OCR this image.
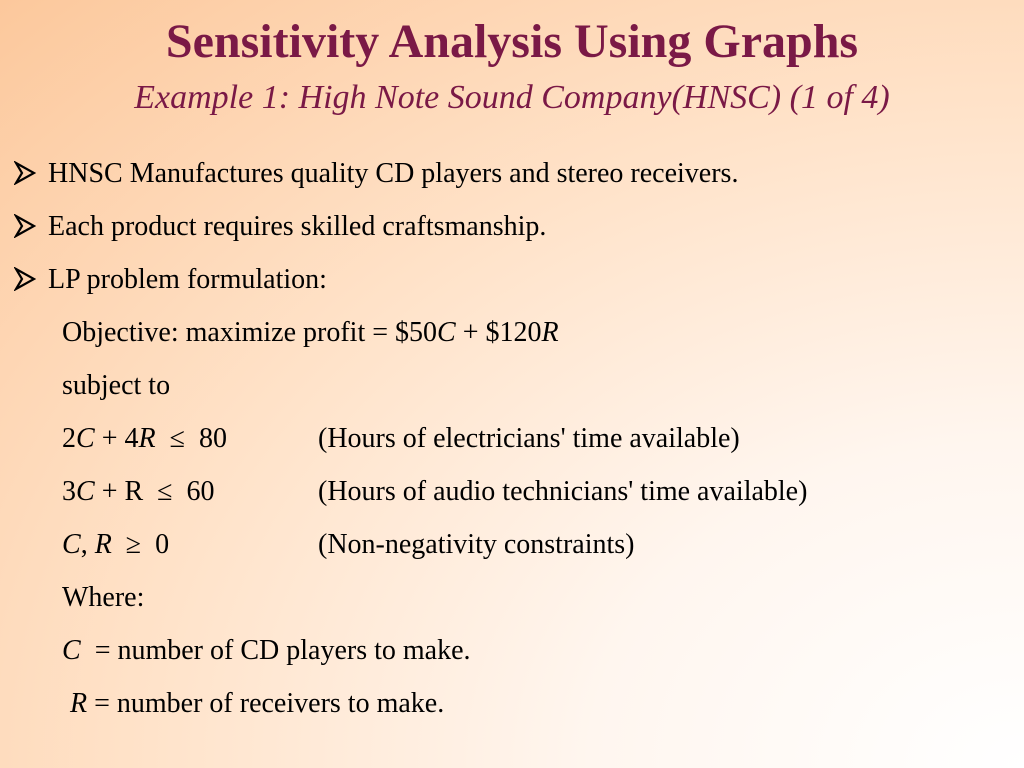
Sensitivity Analysis Using Graphs
Example 1: High Note Sound Company(HNSC) (1 of 4)
HNSC Manufactures quality CD players and stereo receivers.
Each product requires skilled craftsmanship.
LP problem formulation:
Objective: maximize profit = $50C + $120R
subject to
2C + 4R  ≤  80	(Hours of electricians' time available)
3C + R  ≤  60	(Hours of audio technicians' time available)
C, R  ≥  0	(Non-negativity constraints)
Where:
C  = number of CD players to make.
R = number of receivers to make.
